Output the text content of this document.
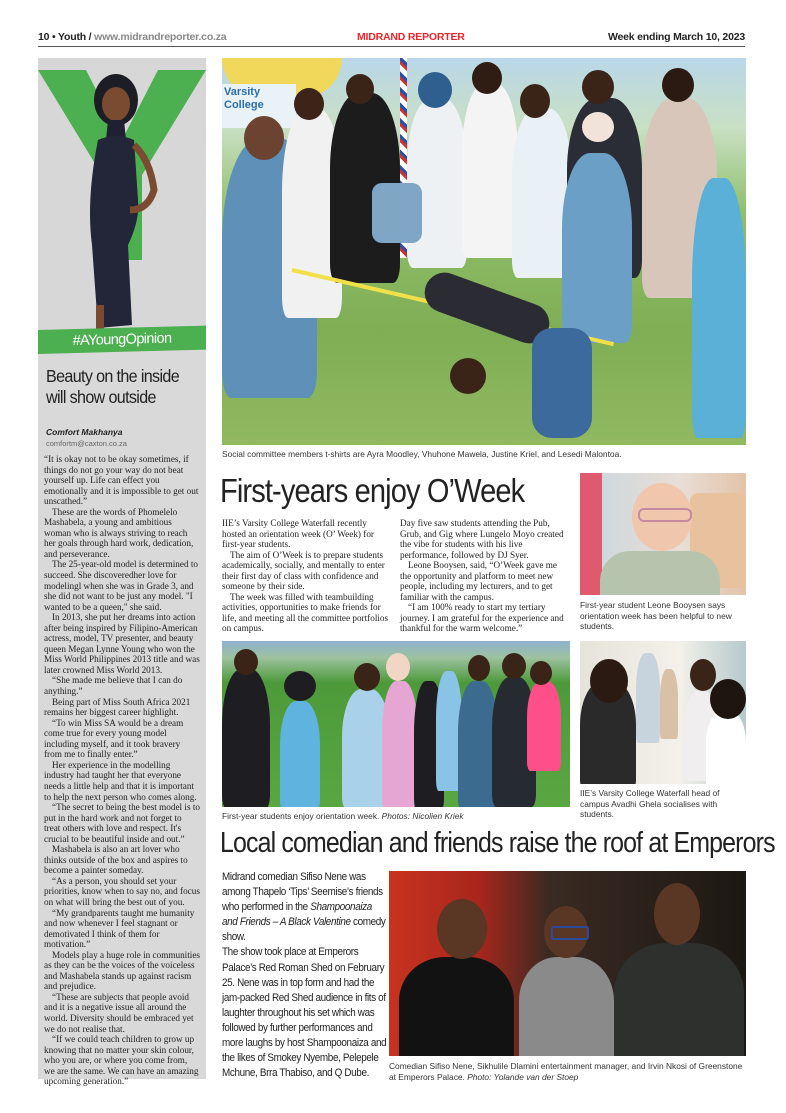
10 • Youth / www.midrandreporter.co.za	MIDRAND REPORTER	Week ending March 10, 2023
#AYoungOpinion
Beauty on the inside will show outside
Comfort Makhanya
comfortm@caxton.co.za

“It is okay not to be okay sometimes, if things do not go your way do not beat yourself up. Life can effect you emotionally and it is impossible to get out unscathed.”

These are the words of Phomelelo Mashabela, a young and ambitious woman who is always striving to reach her goals through hard work, dedication, and perseverance.

The 25-year-old model is determined to succeed. She discoveredher love for modelingl when she was in Grade 3, and she did not want to be just any model. "I wanted to be a queen," she said.

In 2013, she put her dreams into action after being inspired by Filipino-American actress, model, TV presenter, and beauty queen Megan Lynne Young who won the Miss World Philippines 2013 title and was later crowned Miss World 2013.

“She made me believe that I can do anything.”

Being part of Miss South Africa 2021 remains her biggest career highlight.

“To win Miss SA would be a dream come true for every young model including myself, and it took bravery from me to finally enter.”

Her experience in the modelling industry had taught her that everyone needs a little help and that it is important to help the next person who comes along.

“The secret to being the best model is to put in the hard work and not forget to treat others with love and respect. It's crucial to be beautiful inside and out.”

Mashabela is also an art lover who thinks outside of the box and aspires to become a painter someday.

“As a person, you should set your priorities, know when to say no, and focus on what will bring the best out of you.

“My grandparents taught me humanity and now whenever I feel stagnant or demotivated I think of them for motivation.”

Models play a huge role in communities as they can be the voices of the voiceless and Mashabela stands up against racism and prejudice.

“These are subjects that people avoid and it is a negative issue all around the world. Diversity should be embraced yet we do not realise that.

“If we could teach children to grow up knowing that no matter your skin colour, who you are, or where you come from, we are the same. We can have an amazing upcoming generation.”

Varsity College
Social committee members t-shirts are Ayra Moodley, Vhuhone Mawela, Justine Kriel, and Lesedi Malontoa.
First-years enjoy O’Week

IIE’s Varsity College Waterfall recently hosted an orientation week (O’ Week) for first-year students.

The aim of O’Week is to prepare students academically, socially, and mentally to enter their first day of class with confidence and someone by their side.

The week was filled with teambuilding activities, opportunities to make friends for life, and meeting all the committee portfolios on campus.

Day five saw students attending the Pub, Grub, and Gig where Lungelo Moyo created the vibe for students with his live performance, followed by DJ Syer.

Leone Booysen, said, “O’Week gave me the opportunity and platform to meet new people, including my lecturers, and to get familiar with the campus.

“I am 100% ready to start my tertiary journey. I am grateful for the experience and thankful for the warm welcome.”

First-year student Leone Booysen says orientation week has been helpful to new students.
First-year students enjoy orientation week. Photos: Nicolien Kriek
IIE’s Varsity College Waterfall head of campus Avadhi Ghela socialises with students.
Local comedian and friends raise the roof at Emperors

Midrand comedian Sifiso Nene was among Thapelo ‘Tips’ Seemise’s friends who performed in the Shampoonaiza and Friends – A Black Valentine comedy show.

The show took place at Emperors Palace’s Red Roman Shed on February 25. Nene was in top form and had the jam-packed Red Shed audience in fits of laughter throughout his set which was followed by further performances and more laughs by host Shampoonaiza and the likes of Smokey Nyembe, Pelepele Mchune, Brra Thabiso, and Q Dube.

Comedian Sifiso Nene, Sikhulile Dlamini entertainment manager, and Irvin Nkosi of Greenstone at Emperors Palace. Photo: Yolande van der Stoep
